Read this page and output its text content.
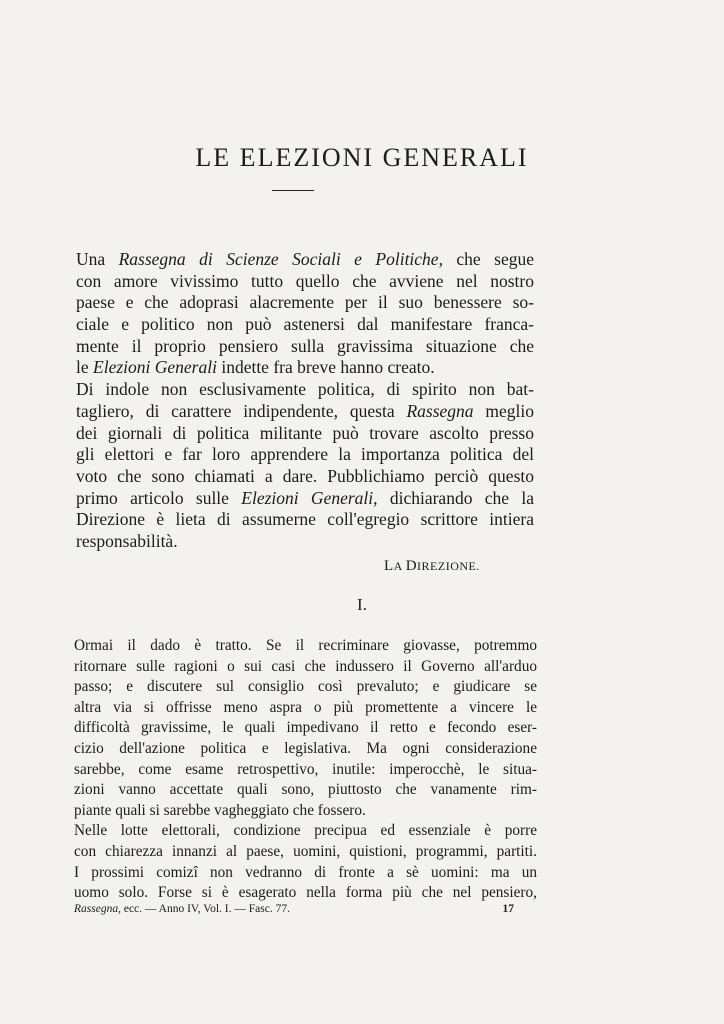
LE ELEZIONI GENERALI
Una Rassegna di Scienze Sociali e Politiche, che segue
con amore vivissimo tutto quello che avviene nel nostro
paese e che adoprasi alacremente per il suo benessere so-
ciale e politico non può astenersi dal manifestare franca-
mente il proprio pensiero sulla gravissima situazione che
le Elezioni Generali indette fra breve hanno creato.
Di indole non esclusivamente politica, di spirito non bat-
tagliero, di carattere indipendente, questa Rassegna meglio
dei giornali di politica militante può trovare ascolto presso
gli elettori e far loro apprendere la importanza politica del
voto che sono chiamati a dare. Pubblichiamo perciò questo
primo articolo sulle Elezioni Generali, dichiarando che la
Direzione è lieta di assumerne coll'egregio scrittore intiera
responsabilità.
LA DIREZIONE.
I.
Ormai il dado è tratto. Se il recriminare giovasse, potremmo
ritornare sulle ragioni o sui casi che indussero il Governo all'arduo
passo; e discutere sul consiglio così prevaluto; e giudicare se
altra via si offrisse meno aspra o più promettente a vincere le
difficoltà gravissime, le quali impedivano il retto e fecondo eser-
cizio dell'azione politica e legislativa. Ma ogni considerazione
sarebbe, come esame retrospettivo, inutile: imperocchè, le situa-
zioni vanno accettate quali sono, piuttosto che vanamente rim-
piante quali si sarebbe vagheggiato che fossero.
Nelle lotte elettorali, condizione precipua ed essenziale è porre
con chiarezza innanzi al paese, uomini, quistioni, programmi, partiti.
I prossimi comizî non vedranno di fronte a sè uomini: ma un
uomo solo. Forse si è esagerato nella forma più che nel pensiero,
Rassegna, ecc. — Anno IV, Vol. I. — Fasc. 77.	17
